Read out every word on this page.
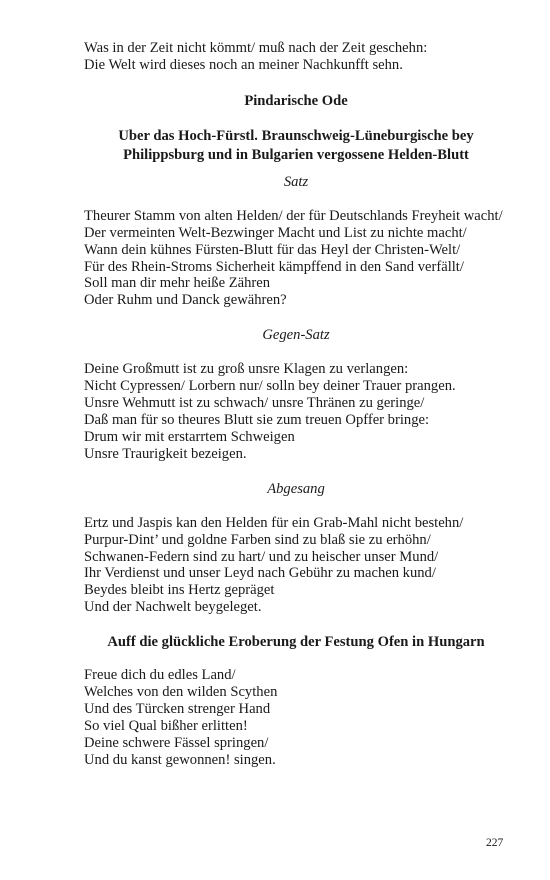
Was in der Zeit nicht kömmt/ muß nach der Zeit geschehn:
Die Welt wird dieses noch an meiner Nachkunfft sehn.
Pindarische Ode
Uber das Hoch-Fürstl. Braunschweig-Lüneburgische bey
Philippsburg und in Bulgarien vergossene Helden-Blutt
Satz
Theurer Stamm von alten Helden/ der für Deutschlands Freyheit wacht/
Der vermeinten Welt-Bezwinger Macht und List zu nichte macht/
Wann dein kühnes Fürsten-Blutt für das Heyl der Christen-Welt/
Für des Rhein-Stroms Sicherheit kämpffend in den Sand verfällt/
Soll man dir mehr heiße Zähren
Oder Ruhm und Danck gewähren?
Gegen-Satz
Deine Großmutt ist zu groß unsre Klagen zu verlangen:
Nicht Cypressen/ Lorbern nur/ solln bey deiner Trauer prangen.
Unsre Wehmutt ist zu schwach/ unsre Thränen zu geringe/
Daß man für so theures Blutt sie zum treuen Opffer bringe:
Drum wir mit erstarrtem Schweigen
Unsre Traurigkeit bezeigen.
Abgesang
Ertz und Jaspis kan den Helden für ein Grab-Mahl nicht bestehn/
Purpur-Dint’ und goldne Farben sind zu blaß sie zu erhöhn/
Schwanen-Federn sind zu hart/ und zu heischer unser Mund/
Ihr Verdienst und unser Leyd nach Gebühr zu machen kund/
Beydes bleibt ins Hertz gepräget
Und der Nachwelt beygeleget.
Auff die glückliche Eroberung der Festung Ofen in Hungarn
Freue dich du edles Land/
Welches von den wilden Scythen
Und des Türcken strenger Hand
So viel Qual bißher erlitten!
Deine schwere Fässel springen/
Und du kanst gewonnen! singen.
227
